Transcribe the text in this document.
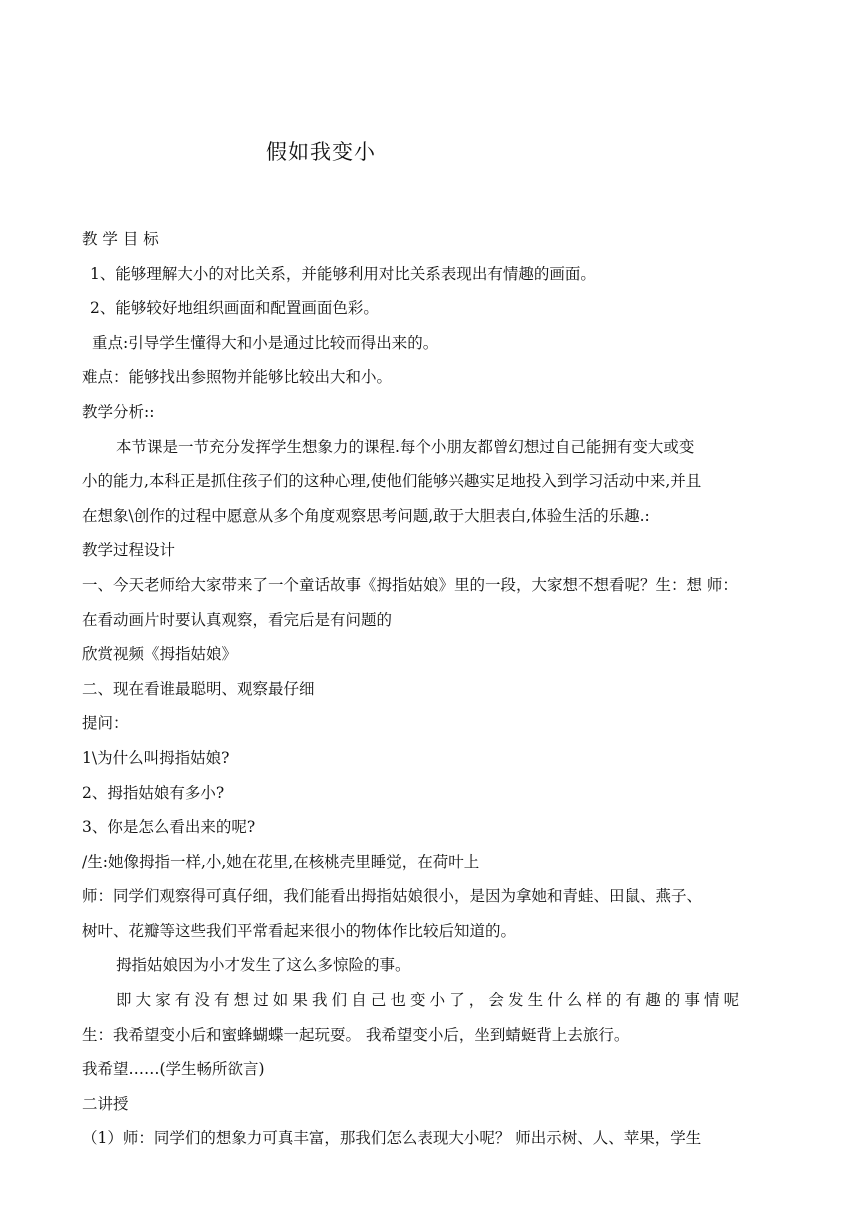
假如我变小
教 学 目 标
1、能够理解大小的对比关系，并能够利用对比关系表现出有情趣的画面。
2、能够较好地组织画面和配置画面色彩。
重点:引导学生懂得大和小是通过比较而得出来的。
难点：能够找出参照物并能够比较出大和小。
教学分析::
本节课是一节充分发挥学生想象力的课程.每个小朋友都曾幻想过自己能拥有变大或变
小的能力,本科正是抓住孩子们的这种心理,使他们能够兴趣实足地投入到学习活动中来,并且
在想象\创作的过程中愿意从多个角度观察思考问题,敢于大胆表白,体验生活的乐趣.:
教学过程设计
一、今天老师给大家带来了一个童话故事《拇指姑娘》里的一段，大家想不想看呢？生：想 师：
在看动画片时要认真观察，看完后是有问题的
欣赏视频《拇指姑娘》
二、现在看谁最聪明、观察最仔细
提问：
1\为什么叫拇指姑娘?
2、拇指姑娘有多小?
3、你是怎么看出来的呢?
/生:她像拇指一样,小,她在花里,在核桃壳里睡觉，在荷叶上
师：同学们观察得可真仔细，我们能看出拇指姑娘很小，是因为拿她和青蛙、田鼠、燕子、
树叶、花瓣等这些我们平常看起来很小的物体作比较后知道的。
拇指姑娘因为小才发生了这么多惊险的事。
即大家有没有想过如果我们自己也变小了，会发生什么样的有趣的事情呢
生：我希望变小后和蜜蜂蝴蝶一起玩耍。 我希望变小后，坐到蜻蜓背上去旅行。
我希望……(学生畅所欲言)
二讲授
（1）师：同学们的想象力可真丰富，那我们怎么表现大小呢？ 师出示树、人、苹果，学生
